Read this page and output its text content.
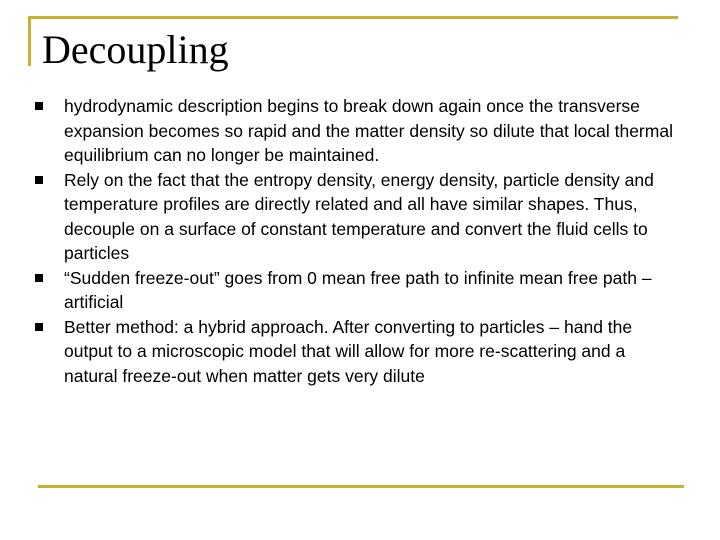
Decoupling
hydrodynamic description begins to break down again once the transverse expansion becomes so rapid and the matter density so dilute that local thermal equilibrium can no longer be maintained.
Rely on the fact that the entropy density, energy density, particle density and temperature profiles are directly related and all have similar shapes. Thus, decouple on a surface of constant temperature and convert the fluid cells to particles
“Sudden freeze-out” goes from 0 mean free path to infinite mean free path – artificial
Better method: a hybrid approach. After converting to particles – hand the output to a microscopic model that will allow for more re-scattering and a natural freeze-out when matter gets very dilute
